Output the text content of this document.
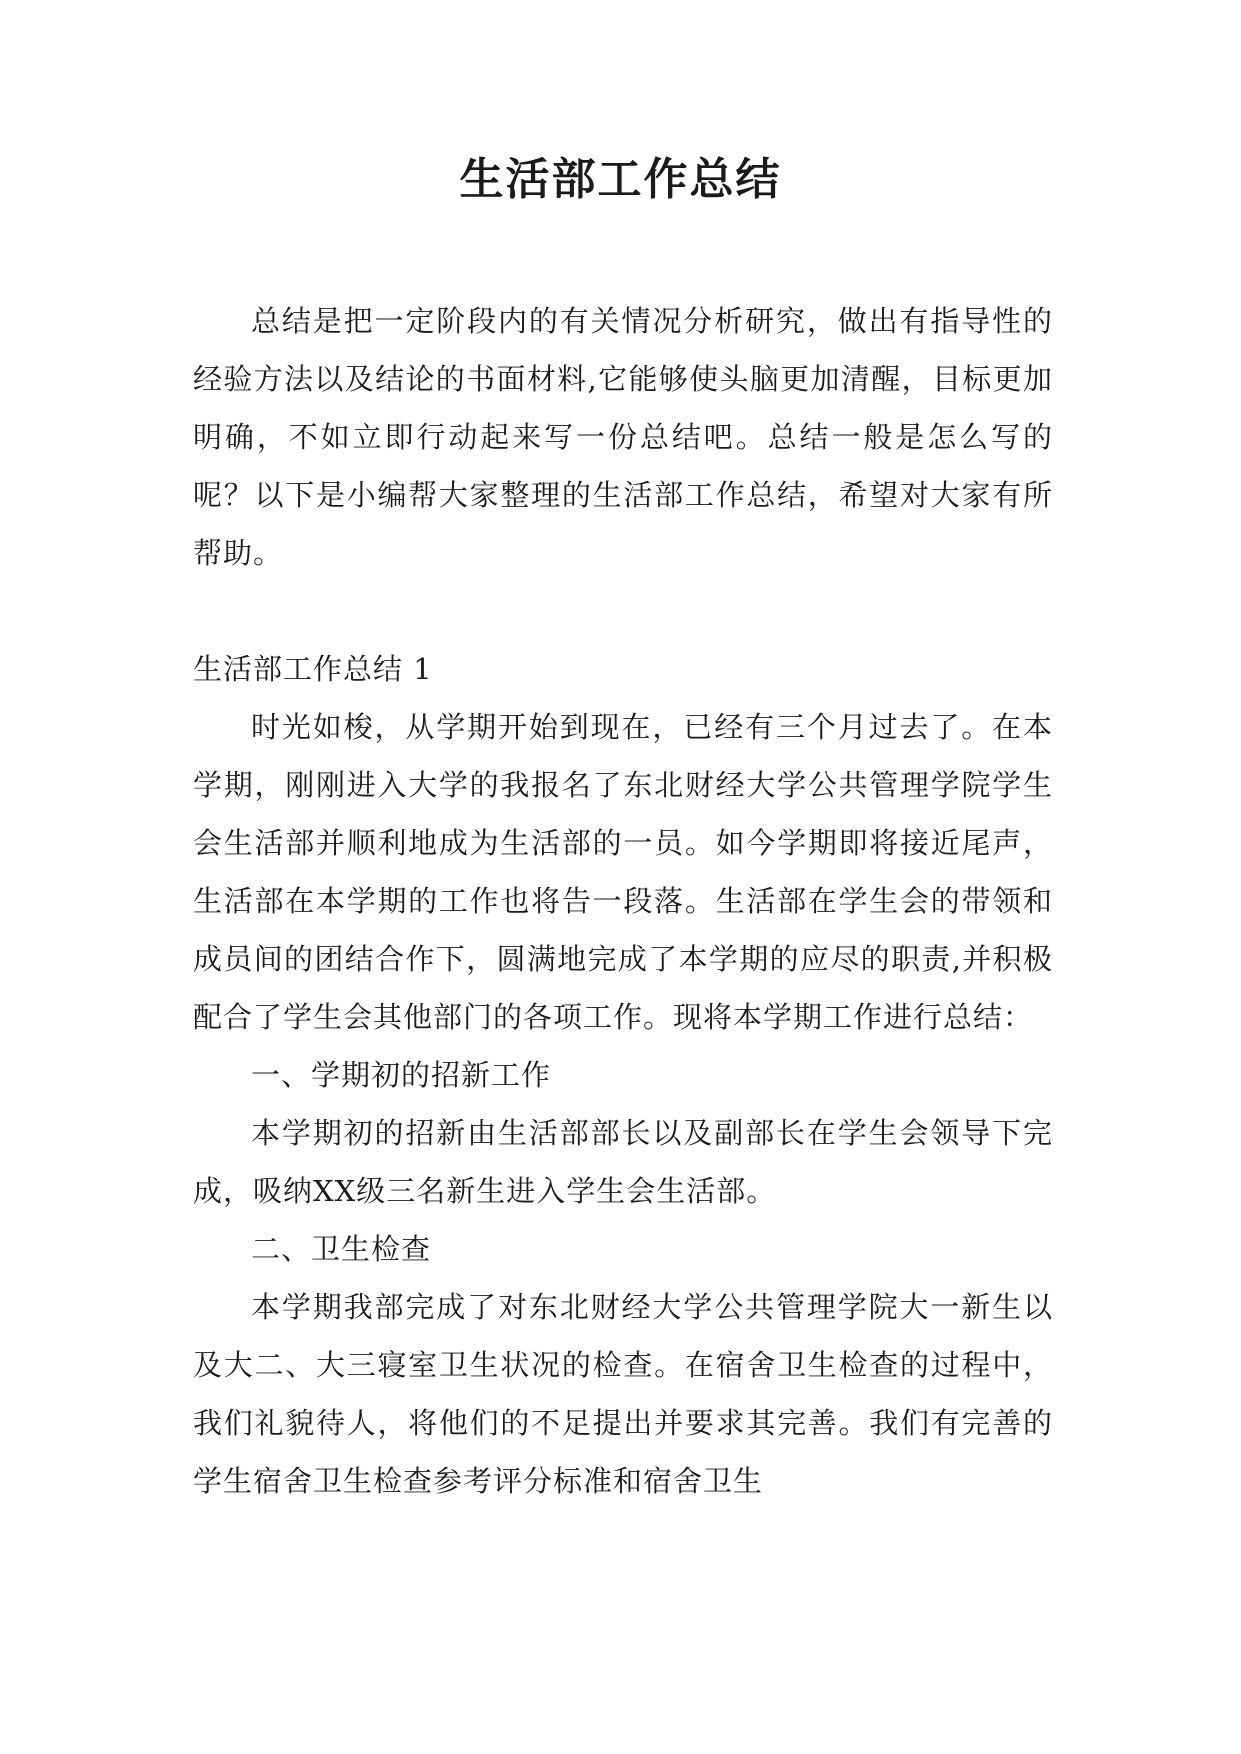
生活部工作总结

总结是把一定阶段内的有关情况分析研究，做出有指导性的经验方法以及结论的书面材料,它能够使头脑更加清醒，目标更加明确，不如立即行动起来写一份总结吧。总结一般是怎么写的呢？以下是小编帮大家整理的生活部工作总结，希望对大家有所帮助。

生活部工作总结 1

时光如梭，从学期开始到现在，已经有三个月过去了。在本学期，刚刚进入大学的我报名了东北财经大学公共管理学院学生会生活部并顺利地成为生活部的一员。如今学期即将接近尾声，生活部在本学期的工作也将告一段落。生活部在学生会的带领和成员间的团结合作下，圆满地完成了本学期的应尽的职责,并积极配合了学生会其他部门的各项工作。现将本学期工作进行总结：

一、学期初的招新工作

本学期初的招新由生活部部长以及副部长在学生会领导下完成，吸纳XX级三名新生进入学生会生活部。

二、卫生检查

本学期我部完成了对东北财经大学公共管理学院大一新生以及大二、大三寝室卫生状况的检查。在宿舍卫生检查的过程中，我们礼貌待人，将他们的不足提出并要求其完善。我们有完善的学生宿舍卫生检查参考评分标准和宿舍卫生
